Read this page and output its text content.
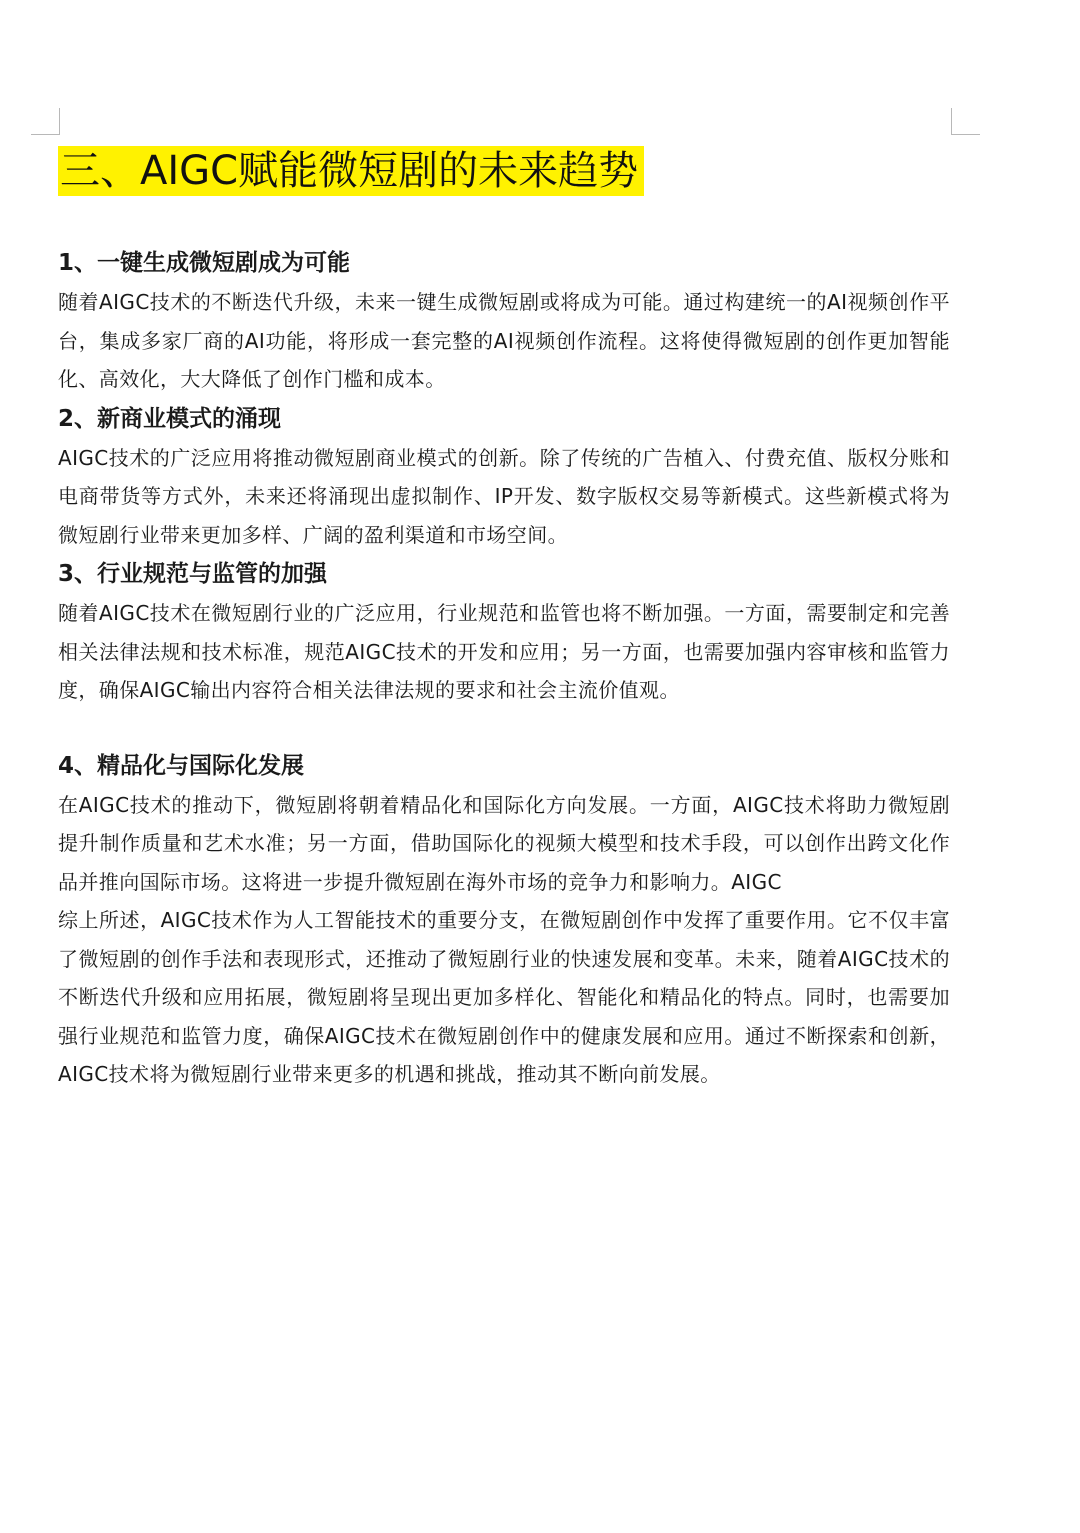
三、AIGC赋能微短剧的未来趋势
1、一键生成微短剧成为可能

随着AIGC技术的不断迭代升级，未来一键生成微短剧或将成为可能。通过构建统一的AI视频创作平台，集成多家厂商的AI功能，将形成一套完整的AI视频创作流程。这将使得微短剧的创作更加智能化、高效化，大大降低了创作门槛和成本。

2、新商业模式的涌现

AIGC技术的广泛应用将推动微短剧商业模式的创新。除了传统的广告植入、付费充值、版权分账和电商带货等方式外，未来还将涌现出虚拟制作、IP开发、数字版权交易等新模式。这些新模式将为微短剧行业带来更加多样、广阔的盈利渠道和市场空间。

3、行业规范与监管的加强

随着AIGC技术在微短剧行业的广泛应用，行业规范和监管也将不断加强。一方面，需要制定和完善相关法律法规和技术标准，规范AIGC技术的开发和应用；另一方面，也需要加强内容审核和监管力度，确保AIGC输出内容符合相关法律法规的要求和社会主流价值观。

4、精品化与国际化发展

在AIGC技术的推动下，微短剧将朝着精品化和国际化方向发展。一方面，AIGC技术将助力微短剧提升制作质量和艺术水准；另一方面，借助国际化的视频大模型和技术手段，可以创作出跨文化作品并推向国际市场。这将进一步提升微短剧在海外市场的竞争力和影响力。AIGC

综上所述，AIGC技术作为人工智能技术的重要分支，在微短剧创作中发挥了重要作用。它不仅丰富了微短剧的创作手法和表现形式，还推动了微短剧行业的快速发展和变革。未来，随着AIGC技术的不断迭代升级和应用拓展，微短剧将呈现出更加多样化、智能化和精品化的特点。同时，也需要加强行业规范和监管力度，确保AIGC技术在微短剧创作中的健康发展和应用。通过不断探索和创新，AIGC技术将为微短剧行业带来更多的机遇和挑战，推动其不断向前发展。
